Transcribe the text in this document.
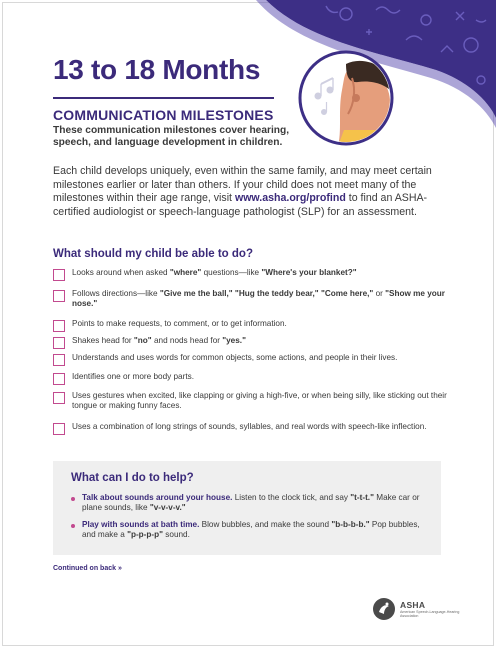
13 to 18 Months
COMMUNICATION MILESTONES

These communication milestones cover hearing, speech, and language development in children.

Each child develops uniquely, even within the same family, and may meet certain milestones earlier or later than others. If your child does not meet many of the milestones within their age range, visit www.asha.org/profind to find an ASHA-certified audiologist or speech-language pathologist (SLP) for an assessment.

What should my child be able to do?
Looks around when asked "where" questions—like "Where's your blanket?"
Follows directions—like "Give me the ball," "Hug the teddy bear," "Come here," or "Show me your nose."
Points to make requests, to comment, or to get information.
Shakes head for "no" and nods head for "yes."
Understands and uses words for common objects, some actions, and people in their lives.
Identifies one or more body parts.
Uses gestures when excited, like clapping or giving a high-five, or when being silly, like sticking out their tongue or making funny faces.
Uses a combination of long strings of sounds, syllables, and real words with speech-like inflection.
What can I do to help?
Talk about sounds around your house. Listen to the clock tick, and say "t-t-t." Make car or plane sounds, like "v-v-v-v."
Play with sounds at bath time. Blow bubbles, and make the sound "b-b-b-b." Pop bubbles, and make a "p-p-p-p" sound.
Continued on back »
ASHA
American Speech-Language-Hearing Association
